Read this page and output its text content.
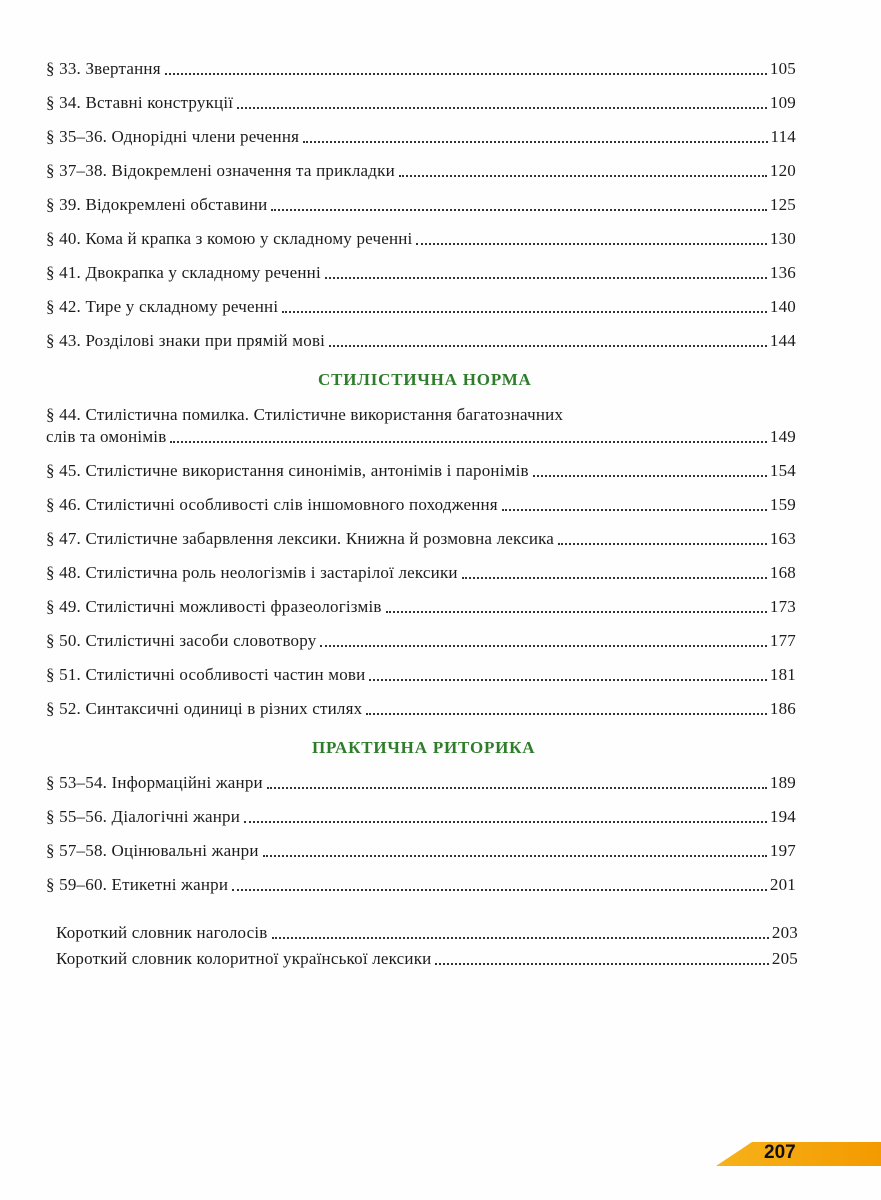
§ 33. Звертання	105
§ 34. Вставні конструкції	109
§ 35–36. Однорідні члени речення	114
§ 37–38. Відокремлені означення та прикладки	120
§ 39. Відокремлені обставини	125
§ 40. Кома й крапка з комою у складному реченні	130
§ 41. Двокрапка у складному реченні	136
§ 42. Тире у складному реченні	140
§ 43. Розділові знаки при прямій мові	144
СТИЛІСТИЧНА НОРМА
§ 44. Стилістична помилка. Стилістичне використання багатозначних
слів та омонімів	149
§ 45. Стилістичне використання синонімів, антонімів і паронімів	154
§ 46. Стилістичні особливості слів іншомовного походження	159
§ 47. Стилістичне забарвлення лексики. Книжна й розмовна лексика	163
§ 48. Стилістична роль неологізмів і застарілої лексики	168
§ 49. Стилістичні можливості фразеологізмів	173
§ 50. Стилістичні засоби словотвору	177
§ 51. Стилістичні особливості частин мови	181
§ 52. Синтаксичні одиниці в різних стилях	186
ПРАКТИЧНА РИТОРИКА
§ 53–54. Інформаційні жанри	189
§ 55–56. Діалогічні жанри	194
§ 57–58. Оцінювальні жанри	197
§ 59–60. Етикетні жанри	201
Короткий словник наголосів	203
Короткий словник колоритної української лексики	205
207
